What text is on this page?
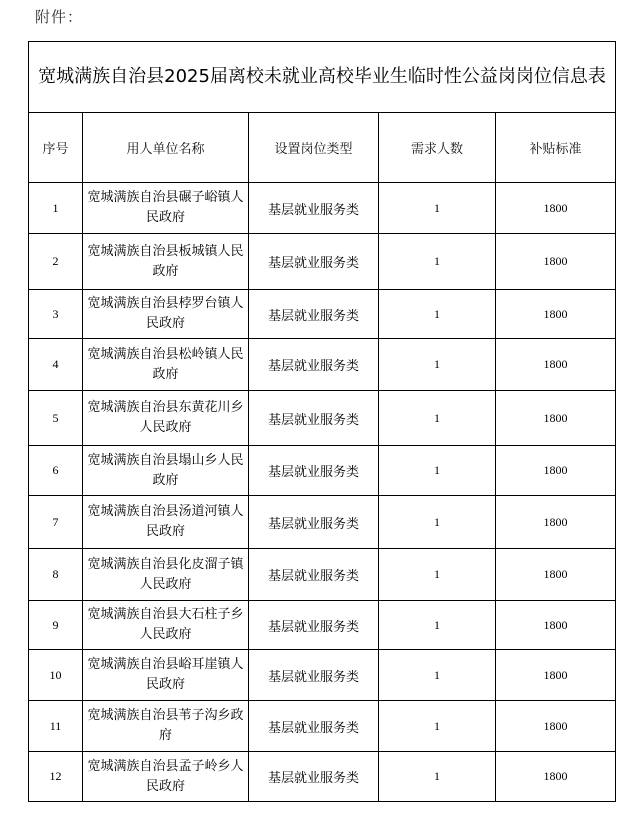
附件：
宽城满族自治县2025届离校未就业高校毕业生临时性公益岗岗位信息表				
序号	用人单位名称	设置岗位类型	需求人数	补贴标准
1	宽城满族自治县碾子峪镇人民政府	基层就业服务类	1	1800
2	宽城满族自治县板城镇人民政府	基层就业服务类	1	1800
3	宽城满族自治县桲罗台镇人民政府	基层就业服务类	1	1800
4	宽城满族自治县松岭镇人民政府	基层就业服务类	1	1800
5	宽城满族自治县东黄花川乡人民政府	基层就业服务类	1	1800
6	宽城满族自治县塌山乡人民政府	基层就业服务类	1	1800
7	宽城满族自治县汤道河镇人民政府	基层就业服务类	1	1800
8	宽城满族自治县化皮溜子镇人民政府	基层就业服务类	1	1800
9	宽城满族自治县大石柱子乡人民政府	基层就业服务类	1	1800
10	宽城满族自治县峪耳崖镇人民政府	基层就业服务类	1	1800
11	宽城满族自治县苇子沟乡政府	基层就业服务类	1	1800
12	宽城满族自治县孟子岭乡人民政府	基层就业服务类	1	1800
